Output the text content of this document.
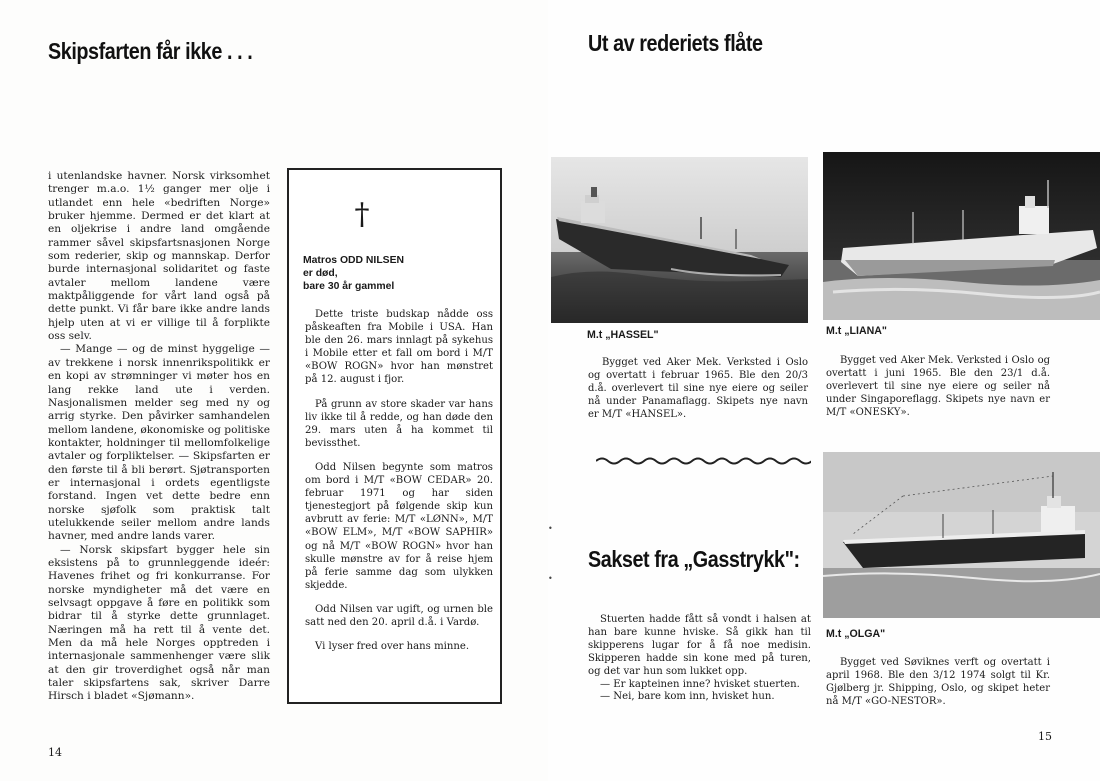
Skipsfarten får ikke . . .

i utenlandske havner. Norsk virksomhet trenger m.a.o. 1½ ganger mer olje i utlandet enn hele «bedriften Norge» bruker hjemme. Dermed er det klart at en oljekrise i andre land omgående rammer såvel skipsfartsnasjonen Norge som rederier, skip og mannskap. Derfor burde internasjonal solidaritet og faste avtaler mellom landene være maktpåliggende for vårt land også på dette punkt. Vi får bare ikke andre lands hjelp uten at vi er villige til å forplikte oss selv.

— Mange — og de minst hyggelige — av trekkene i norsk innenrikspolitikk er en kopi av strømninger vi møter hos en lang rekke land ute i verden. Nasjonalismen melder seg med ny og arrig styrke. Den påvirker samhandelen mellom landene, økonomiske og politiske kontakter, holdninger til mellomfolkelige avtaler og forpliktelser. — Skipsfarten er den første til å bli berørt. Sjøtransporten er internasjonal i ordets egentligste forstand. Ingen vet dette bedre enn norske sjøfolk som praktisk talt utelukkende seiler mellom andre lands havner, med andre lands varer.

— Norsk skipsfart bygger hele sin eksistens på to grunnleggende ideér: Havenes frihet og fri konkurranse. For norske myndigheter må det være en selvsagt oppgave å føre en politikk som bidrar til å styrke dette grunnlaget. Næringen må ha rett til å vente det. Men da må hele Norges opptreden i internasjonale sammenhenger være slik at den gir troverdighet også når man taler skipsfartens sak, skriver Darre Hirsch i bladet «Sjømann».

†
Matros ODD NILSEN
er død,
bare 30 år gammel

Dette triste budskap nådde oss påskeaften fra Mobile i USA. Han ble den 26. mars innlagt på sykehus i Mobile etter et fall om bord i M/T «BOW ROGN» hvor han mønstret på 12. august i fjor.

På grunn av store skader var hans liv ikke til å redde, og han døde den 29. mars uten å ha kommet til bevissthet.

Odd Nilsen begynte som matros om bord i M/T «BOW CEDAR» 20. februar 1971 og har siden tjenestegjort på følgende skip kun avbrutt av ferie: M/T «LØNN», M/T «BOW ELM», M/T «BOW SAPHIR» og nå M/T «BOW ROGN» hvor han skulle mønstre av for å reise hjem på ferie samme dag som ulykken skjedde.

Odd Nilsen var ugift, og urnen ble satt ned den 20. april d.å. i Vardø.

Vi lyser fred over hans minne.

14
Ut av rederiets flåte
M.t „HASSEL"
Bygget ved Aker Mek. Verksted i Oslo og overtatt i februar 1965. Ble den 20/3 d.å. overlevert til sine nye eiere og seiler nå under Panamaflagg. Skipets nye navn er M/T «HANSEL».
M.t „LIANA"
Bygget ved Aker Mek. Verksted i Oslo og overtatt i juni 1965. Ble den 23/1 d.å. overlevert til sine nye eiere og seiler nå under Singaporeflagg. Skipets nye navn er M/T «ONESKY».
Sakset fra „Gasstrykk":

Stuerten hadde fått så vondt i halsen at han bare kunne hviske. Så gikk han til skipperens lugar for å få noe medisin. Skipperen hadde sin kone med på turen, og det var hun som lukket opp.

— Er kapteinen inne? hvisket stuerten.

— Nei, bare kom inn, hvisket hun.

M.t „OLGA"
Bygget ved Søviknes verft og overtatt i april 1968. Ble den 3/12 1974 solgt til Kr. Gjølberg jr. Shipping, Oslo, og skipet heter nå M/T «GO-NESTOR».
15
•
•
